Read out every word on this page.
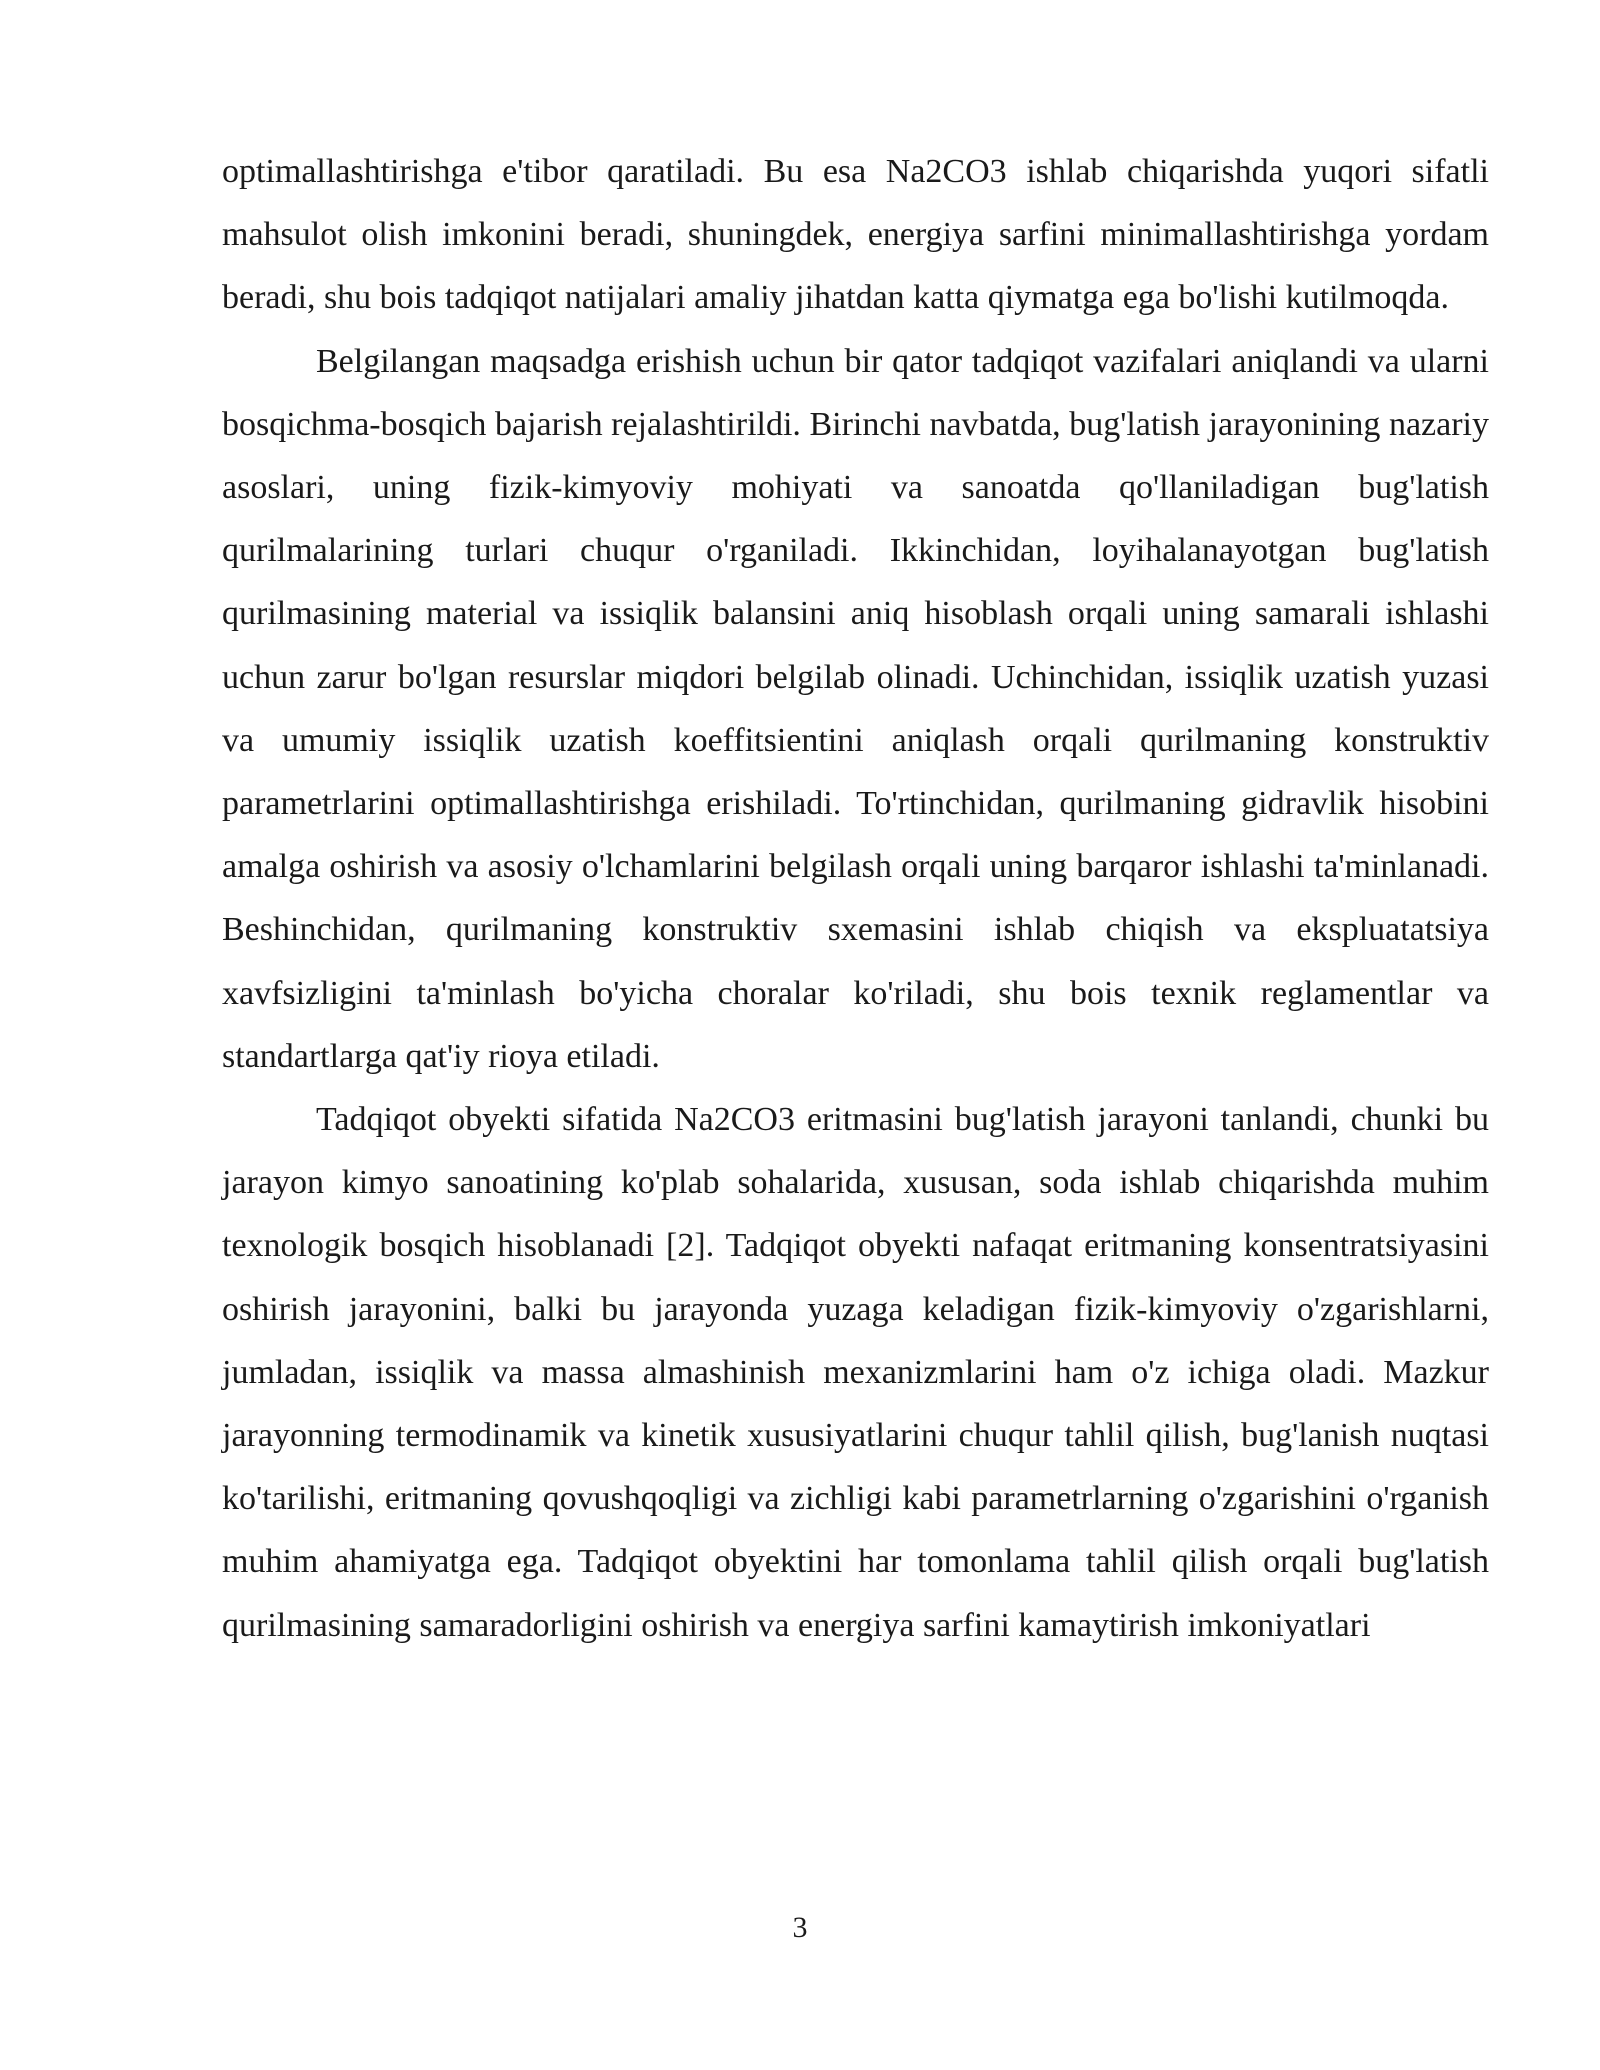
optimallashtirishga e'tibor qaratiladi. Bu esa Na2CO3 ishlab chiqarishda yuqori sifatli mahsulot olish imkonini beradi, shuningdek, energiya sarfini minimallashtirishga yordam beradi, shu bois tadqiqot natijalari amaliy jihatdan katta qiymatga ega bo'lishi kutilmoqda.

Belgilangan maqsadga erishish uchun bir qator tadqiqot vazifalari aniqlandi va ularni bosqichma-bosqich bajarish rejalashtirildi. Birinchi navbatda, bug'latish jarayonining nazariy asoslari, uning fizik-kimyoviy mohiyati va sanoatda qo'llaniladigan bug'latish qurilmalarining turlari chuqur o'rganiladi. Ikkinchidan, loyihalanayotgan bug'latish qurilmasining material va issiqlik balansini aniq hisoblash orqali uning samarali ishlashi uchun zarur bo'lgan resurslar miqdori belgilab olinadi. Uchinchidan, issiqlik uzatish yuzasi va umumiy issiqlik uzatish koeffitsientini aniqlash orqali qurilmaning konstruktiv parametrlarini optimallashtirishga erishiladi. To'rtinchidan, qurilmaning gidravlik hisobini amalga oshirish va asosiy o'lchamlarini belgilash orqali uning barqaror ishlashi ta'minlanadi. Beshinchidan, qurilmaning konstruktiv sxemasini ishlab chiqish va ekspluatatsiya xavfsizligini ta'minlash bo'yicha choralar ko'riladi, shu bois texnik reglamentlar va standartlarga qat'iy rioya etiladi.

Tadqiqot obyekti sifatida Na2CO3 eritmasini bug'latish jarayoni tanlandi, chunki bu jarayon kimyo sanoatining ko'plab sohalarida, xususan, soda ishlab chiqarishda muhim texnologik bosqich hisoblanadi [2]. Tadqiqot obyekti nafaqat eritmaning konsentratsiyasini oshirish jarayonini, balki bu jarayonda yuzaga keladigan fizik-kimyoviy o'zgarishlarni, jumladan, issiqlik va massa almashinish mexanizmlarini ham o'z ichiga oladi. Mazkur jarayonning termodinamik va kinetik xususiyatlarini chuqur tahlil qilish, bug'lanish nuqtasi ko'tarilishi, eritmaning qovushqoqligi va zichligi kabi parametrlarning o'zgarishini o'rganish muhim ahamiyatga ega. Tadqiqot obyektini har tomonlama tahlil qilish orqali bug'latish qurilmasining samaradorligini oshirish va energiya sarfini kamaytirish imkoniyatlari

3
